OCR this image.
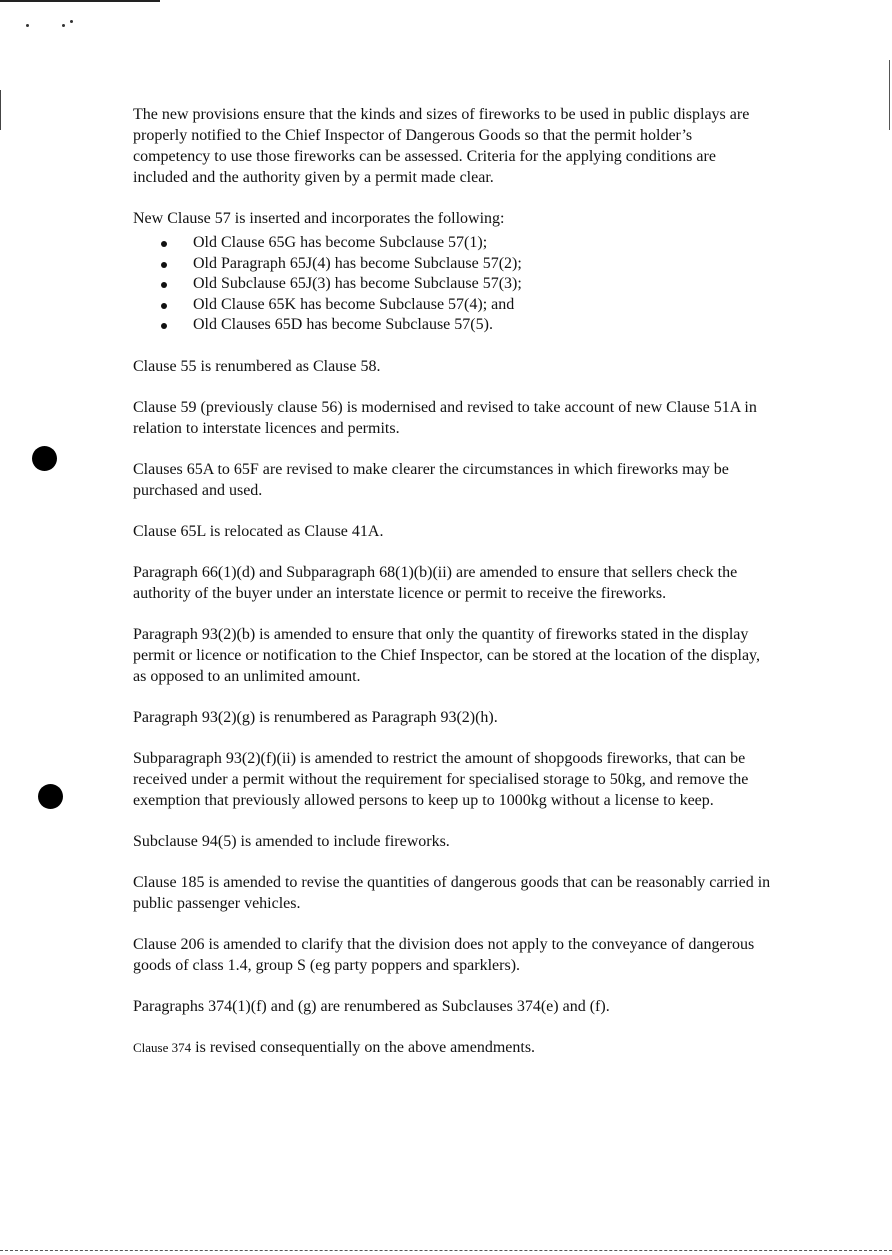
The new provisions ensure that the kinds and sizes of fireworks to be used in public displays are properly notified to the Chief Inspector of Dangerous Goods so that the permit holder’s competency to use those fireworks can be assessed. Criteria for the applying conditions are included and the authority given by a permit made clear.

New Clause 57 is inserted and incorporates the following:

Old Clause 65G has become Subclause 57(1);
Old Paragraph 65J(4) has become Subclause 57(2);
Old Subclause 65J(3) has become Subclause 57(3);
Old Clause 65K has become Subclause 57(4); and
Old Clauses 65D has become Subclause 57(5).

Clause 55 is renumbered as Clause 58.

Clause 59 (previously clause 56) is modernised and revised to take account of new Clause 51A in relation to interstate licences and permits.

Clauses 65A to 65F are revised to make clearer the circumstances in which fireworks may be purchased and used.

Clause 65L is relocated as Clause 41A.

Paragraph 66(1)(d) and Subparagraph 68(1)(b)(ii) are amended to ensure that sellers check the authority of the buyer under an interstate licence or permit to receive the fireworks.

Paragraph 93(2)(b) is amended to ensure that only the quantity of fireworks stated in the display permit or licence or notification to the Chief Inspector, can be stored at the location of the display, as opposed to an unlimited amount.

Paragraph 93(2)(g) is renumbered as Paragraph 93(2)(h).

Subparagraph 93(2)(f)(ii) is amended to restrict the amount of shopgoods fireworks, that can be received under a permit without the requirement for specialised storage to 50kg, and remove the exemption that previously allowed persons to keep up to 1000kg without a license to keep.

Subclause 94(5) is amended to include fireworks.

Clause 185 is amended to revise the quantities of dangerous goods that can be reasonably carried in public passenger vehicles.

Clause 206 is amended to clarify that the division does not apply to the conveyance of dangerous goods of class 1.4, group S (eg party poppers and sparklers).

Paragraphs 374(1)(f) and (g) are renumbered as Subclauses 374(e) and (f).

Clause 374 is revised consequentially on the above amendments.
